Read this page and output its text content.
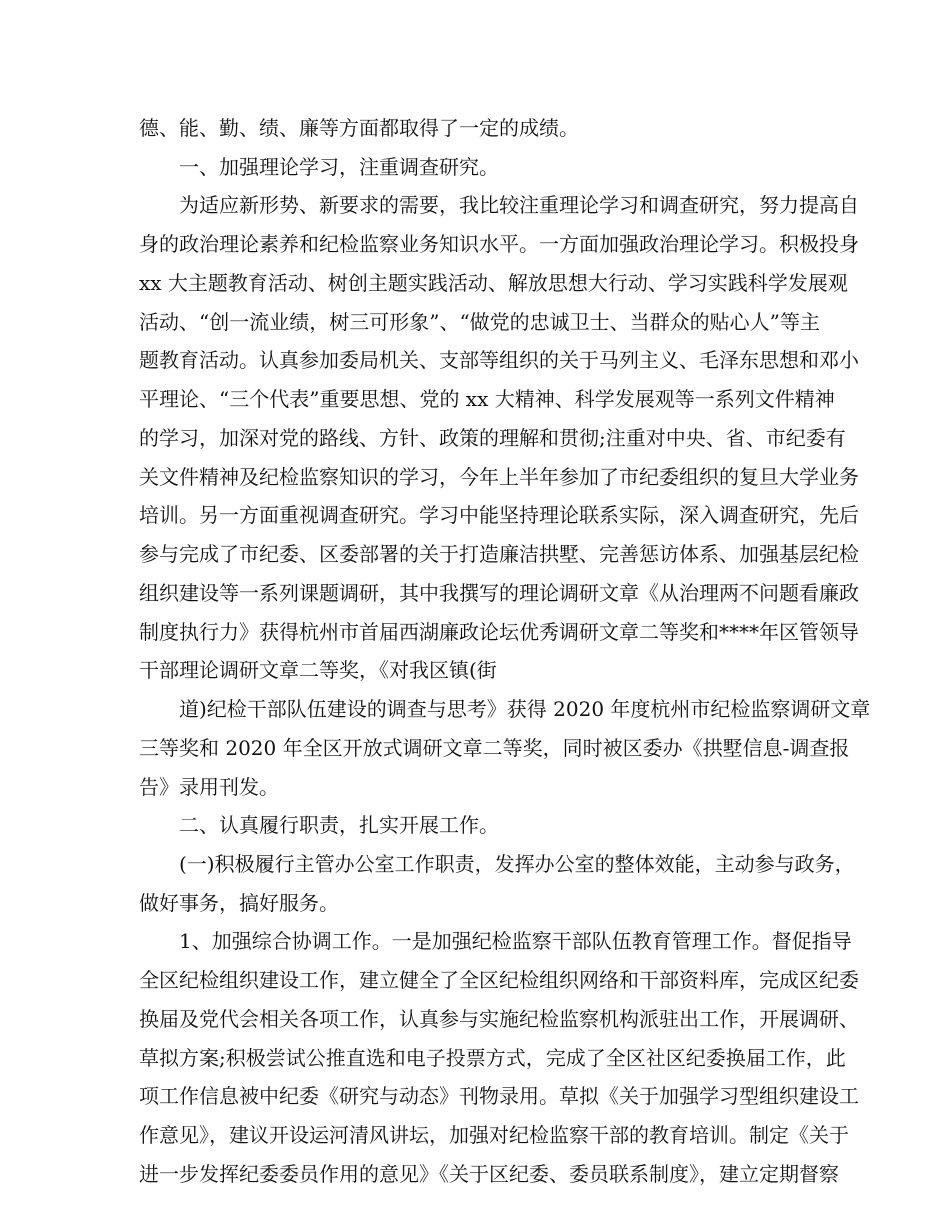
德、能、勤、绩、廉等方面都取得了一定的成绩。
一、加强理论学习，注重调查研究。
为适应新形势、新要求的需要，我比较注重理论学习和调查研究，努力提高自
身的政治理论素养和纪检监察业务知识水平。一方面加强政治理论学习。积极投身
xx 大主题教育活动、树创主题实践活动、解放思想大行动、学习实践科学发展观
活动、“创一流业绩，树三可形象”、“做党的忠诚卫士、当群众的贴心人”等主
题教育活动。认真参加委局机关、支部等组织的关于马列主义、毛泽东思想和邓小
平理论、“三个代表”重要思想、党的 xx 大精神、科学发展观等一系列文件精神
的学习，加深对党的路线、方针、政策的理解和贯彻;注重对中央、省、市纪委有
关文件精神及纪检监察知识的学习，今年上半年参加了市纪委组织的复旦大学业务
培训。另一方面重视调查研究。学习中能坚持理论联系实际，深入调查研究，先后
参与完成了市纪委、区委部署的关于打造廉洁拱墅、完善惩访体系、加强基层纪检
组织建设等一系列课题调研，其中我撰写的理论调研文章《从治理两不问题看廉政
制度执行力》获得杭州市首届西湖廉政论坛优秀调研文章二等奖和****年区管领导
干部理论调研文章二等奖，《对我区镇(街
道)纪检干部队伍建设的调查与思考》获得 2020 年度杭州市纪检监察调研文章
三等奖和 2020 年全区开放式调研文章二等奖，同时被区委办《拱墅信息-调查报
告》录用刊发。
二、认真履行职责，扎实开展工作。
(一)积极履行主管办公室工作职责，发挥办公室的整体效能，主动参与政务，
做好事务，搞好服务。
1、加强综合协调工作。一是加强纪检监察干部队伍教育管理工作。督促指导
全区纪检组织建设工作，建立健全了全区纪检组织网络和干部资料库，完成区纪委
换届及党代会相关各项工作，认真参与实施纪检监察机构派驻出工作，开展调研、
草拟方案;积极尝试公推直选和电子投票方式，完成了全区社区纪委换届工作，此
项工作信息被中纪委《研究与动态》刊物录用。草拟《关于加强学习型组织建设工
作意见》，建议开设运河清风讲坛，加强对纪检监察干部的教育培训。制定《关于
进一步发挥纪委委员作用的意见》《关于区纪委、委员联系制度》，建立定期督察
